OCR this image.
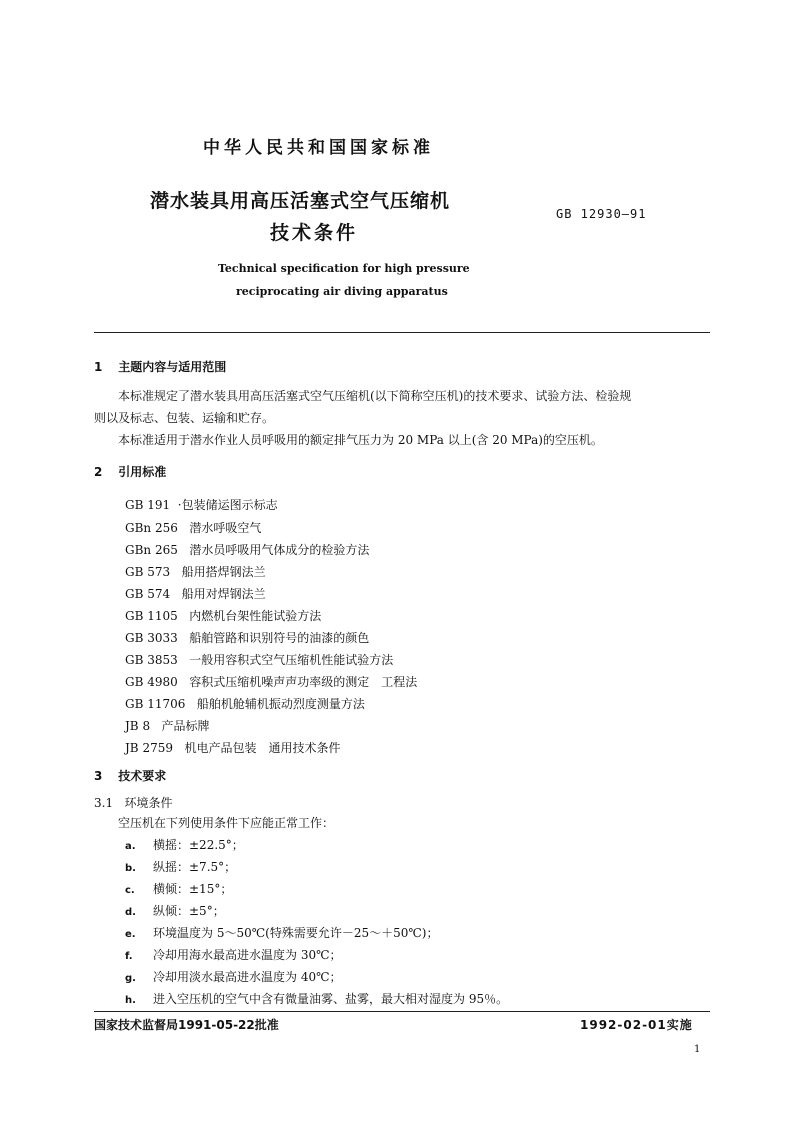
中华人民共和国国家标准
潜水装具用高压活塞式空气压缩机
技术条件
GB 12930—91
Technical specification for high pressure
reciprocating air diving apparatus
1 主题内容与适用范围
本标准规定了潜水装具用高压活塞式空气压缩机(以下简称空压机)的技术要求、试验方法、检验规
则以及标志、包装、运输和贮存。
本标准适用于潜水作业人员呼吸用的额定排气压力为 20 MPa 以上(含 20 MPa)的空压机。
2 引用标准
GB 191  ·包装储运图示标志
GBn 256 潜水呼吸空气
GBn 265 潜水员呼吸用气体成分的检验方法
GB 573 船用搭焊钢法兰
GB 574 船用对焊钢法兰
GB 1105 内燃机台架性能试验方法
GB 3033 船舶管路和识别符号的油漆的颜色
GB 3853 一般用容积式空气压缩机性能试验方法
GB 4980 容积式压缩机噪声声功率级的测定　工程法
GB 11706 船舶机舱辅机振动烈度测量方法
JB 8 产品标牌
JB 2759 机电产品包装　通用技术条件
3 技术要求
3.1 环境条件
空压机在下列使用条件下应能正常工作：
a. 横摇：±22.5°；
b. 纵摇：±7.5°；
c. 横倾：±15°；
d. 纵倾：±5°；
e. 环境温度为 5～50℃(特殊需要允许－25～＋50℃)；
f. 冷却用海水最高进水温度为 30℃；
g. 冷却用淡水最高进水温度为 40℃；
h. 进入空压机的空气中含有微量油雾、盐雾，最大相对湿度为 95％。
国家技术监督局1991-05-22批准	1992-02-01实施
1
